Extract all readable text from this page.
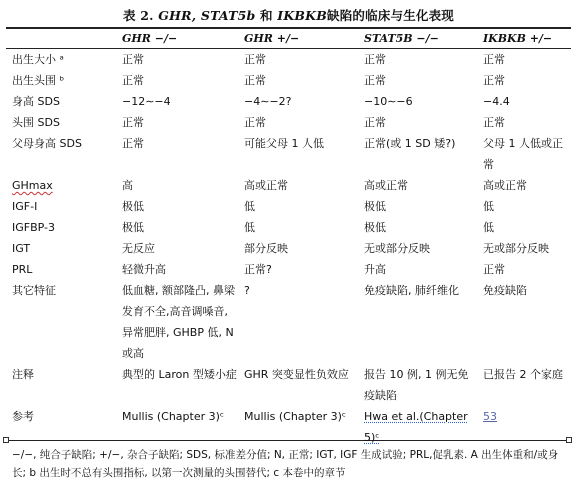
表 2. GHR, STAT5b 和 IKBKB缺陷的临床与生化表现
	GHR −/−	GHR +/−	STAT5B −/−	IKBKB +/−
出生大小 ᵃ	正常	正常	正常	正常
出生头围 ᵇ	正常	正常	正常	正常
身高 SDS	−12∼−4	−4∼−2?	−10∼−6	−4.4
头围 SDS	正常	正常	正常	正常
父母身高 SDS	正常	可能父母 1 人低	正常(或 1 SD 矮?)	父母 1 人低或正常
GHmax	高	高或正常	高或正常	高或正常
IGF-I	极低	低	极低	低
IGFBP-3	极低	低	极低	低
IGT	无反应	部分反映	无或部分反映	无或部分反映
PRL	轻微升高	正常?	升高	正常
其它特征	低血糖, 额部隆凸, 鼻梁发育不全,高音调嗓音, 异常肥胖, GHBP 低, N 或高	?	免疫缺陷, 肺纤维化	免疫缺陷
注释	典型的 Laron 型矮小症	GHR 突变显性负效应	报告 10 例, 1 例无免疫缺陷	已报告 2 个家庭
参考	Mullis (Chapter 3)ᶜ	Mullis (Chapter 3)ᶜ	Hwa et al.(Chapter 5)ᶜ	53
−/−, 纯合子缺陷; +/−, 杂合子缺陷; SDS, 标准差分值; N, 正常; IGT, IGF 生成试验; PRL,促乳素. A 出生体重和/或身长; b 出生时不总有头围指标, 以第一次测量的头围替代; c 本卷中的章节
